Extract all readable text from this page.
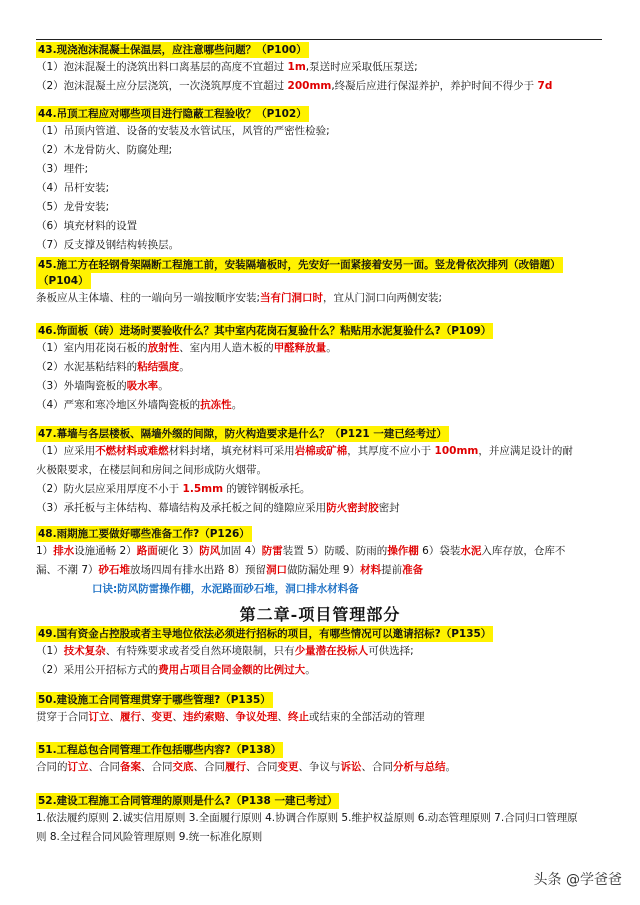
43.现浇泡沫混凝土保温层，应注意哪些问题？（P100）
（1）泡沫混凝土的浇筑出料口离基层的高度不宜超过 1m,泵送时应采取低压泵送;
（2）泡沫混凝土应分层浇筑，一次浇筑厚度不宜超过 200mm,终凝后应进行保湿养护，养护时间不得少于 7d
44.吊顶工程应对哪些项目进行隐蔽工程验收？（P102）
（1）吊顶内管道、设备的安装及水管试压，风管的严密性检验;
（2）木龙骨防火、防腐处理;
（3）埋件;
（4）吊杆安装;
（5）龙骨安装;
（6）填充材料的设置
（7）反支撑及钢结构转换层。
45.施工方在轻钢骨架隔断工程施工前，安装隔墙板时，先安好一面紧接着安另一面。竖龙骨依次排列（改错题）
（P104）
条板应从主体墙、柱的一端向另一端按顺序安装;当有门洞口时，宜从门洞口向两侧安装;
46.饰面板（砖）进场时要验收什么？其中室内花岗石复验什么？粘贴用水泥复验什么?（P109）
（1）室内用花岗石板的放射性、室内用人造木板的甲醛释放量。
（2）水泥基粘结料的粘结强度。
（3）外墙陶瓷板的吸水率。
（4）严寒和寒冷地区外墙陶瓷板的抗冻性。
47.幕墙与各层楼板、隔墙外缀的间隙，防火构造要求是什么？（P121 一建已经考过）
（1）应采用不燃材料或难燃材料封堵，填充材料可采用岩棉或矿棉，其厚度不应小于 100mm，并应满足设计的耐
火极限要求，在楼层间和房间之间形成防火烟带。
（2）防火层应采用厚度不小于 1.5mm 的镀锌钢板承托。
（3）承托板与主体结构、幕墙结构及承托板之间的缝隙应采用防火密封胶密封
48.雨期施工要做好哪些准备工作?（P126）
1）排水设施通畅 2）路面硬化 3）防风加固 4）防雷装置 5）防暖、防雨的操作棚 6）袋装水泥入库存放，仓库不
漏、不潮 7）砂石堆放场四周有排水出路 8）预留洞口做防漏处理 9）材料提前准备
口诀:防风防雷操作棚，水泥路面砂石堆，洞口排水材料备
第二章-项目管理部分
49.国有资金占控股或者主导地位依法必须进行招标的项目，有哪些情况可以邀请招标?（P135）
（1）技术复杂、有特殊要求或者受自然环境限制，只有少量潜在投标人可供选择;
（2）采用公开招标方式的费用占项目合同金额的比例过大。
50.建设施工合同管理贯穿于哪些管理?（P135）
贯穿于合同订立、履行、变更、违约索赔、争议处理、终止或结束的全部活动的管理
51.工程总包合同管理工作包括哪些内容?（P138）
合同的订立、合同备案、合同交底、合同履行、合同变更、争议与诉讼、合同分析与总结。
52.建设工程施工合同管理的原则是什么?（P138 一建已考过）
1.依法履约原则 2.诚实信用原则 3.全面履行原则 4.协调合作原则 5.维护权益原则 6.动态管理原则 7.合同归口管理原
则 8.全过程合同风险管理原则 9.统一标准化原则
头条 @学爸爸
